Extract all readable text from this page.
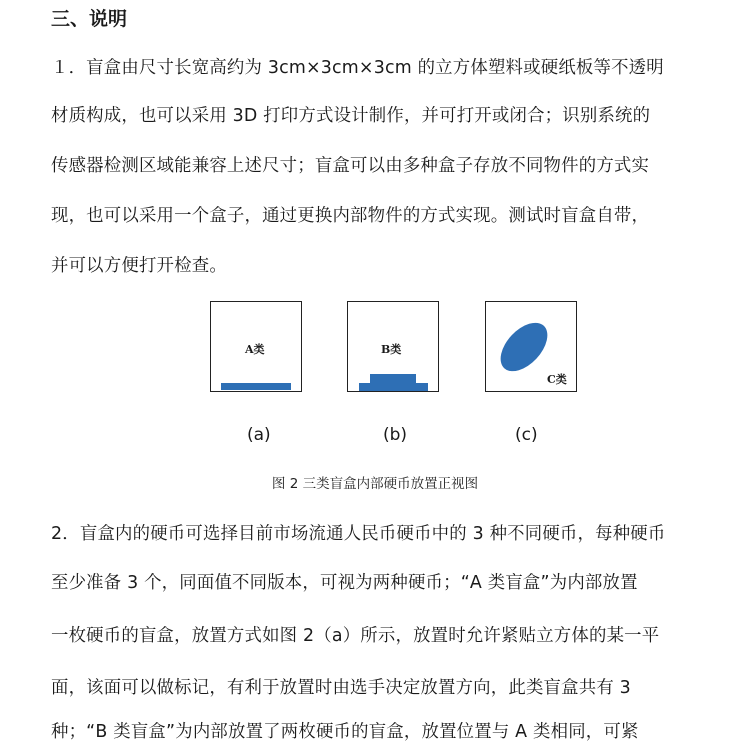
三、说明
１．盲盒由尺寸长宽高约为 3cm×3cm×3cm 的立方体塑料或硬纸板等不透明
材质构成，也可以采用 3D 打印方式设计制作，并可打开或闭合；识别系统的
传感器检测区域能兼容上述尺寸；盲盒可以由多种盒子存放不同物件的方式实
现，也可以采用一个盒子，通过更换内部物件的方式实现。测试时盲盒自带，
并可以方便打开检查。
A类	B类
C类
(a)	(b)	(c)
图 2 三类盲盒内部硬币放置正视图
2．盲盒内的硬币可选择目前市场流通人民币硬币中的 3 种不同硬币，每种硬币
至少准备 3 个，同面值不同版本，可视为两种硬币；“A 类盲盒”为内部放置
一枚硬币的盲盒，放置方式如图 2（a）所示，放置时允许紧贴立方体的某一平
面，该面可以做标记，有利于放置时由选手决定放置方向，此类盲盒共有 3
种；“B 类盲盒”为内部放置了两枚硬币的盲盒，放置位置与 A 类相同，可紧
